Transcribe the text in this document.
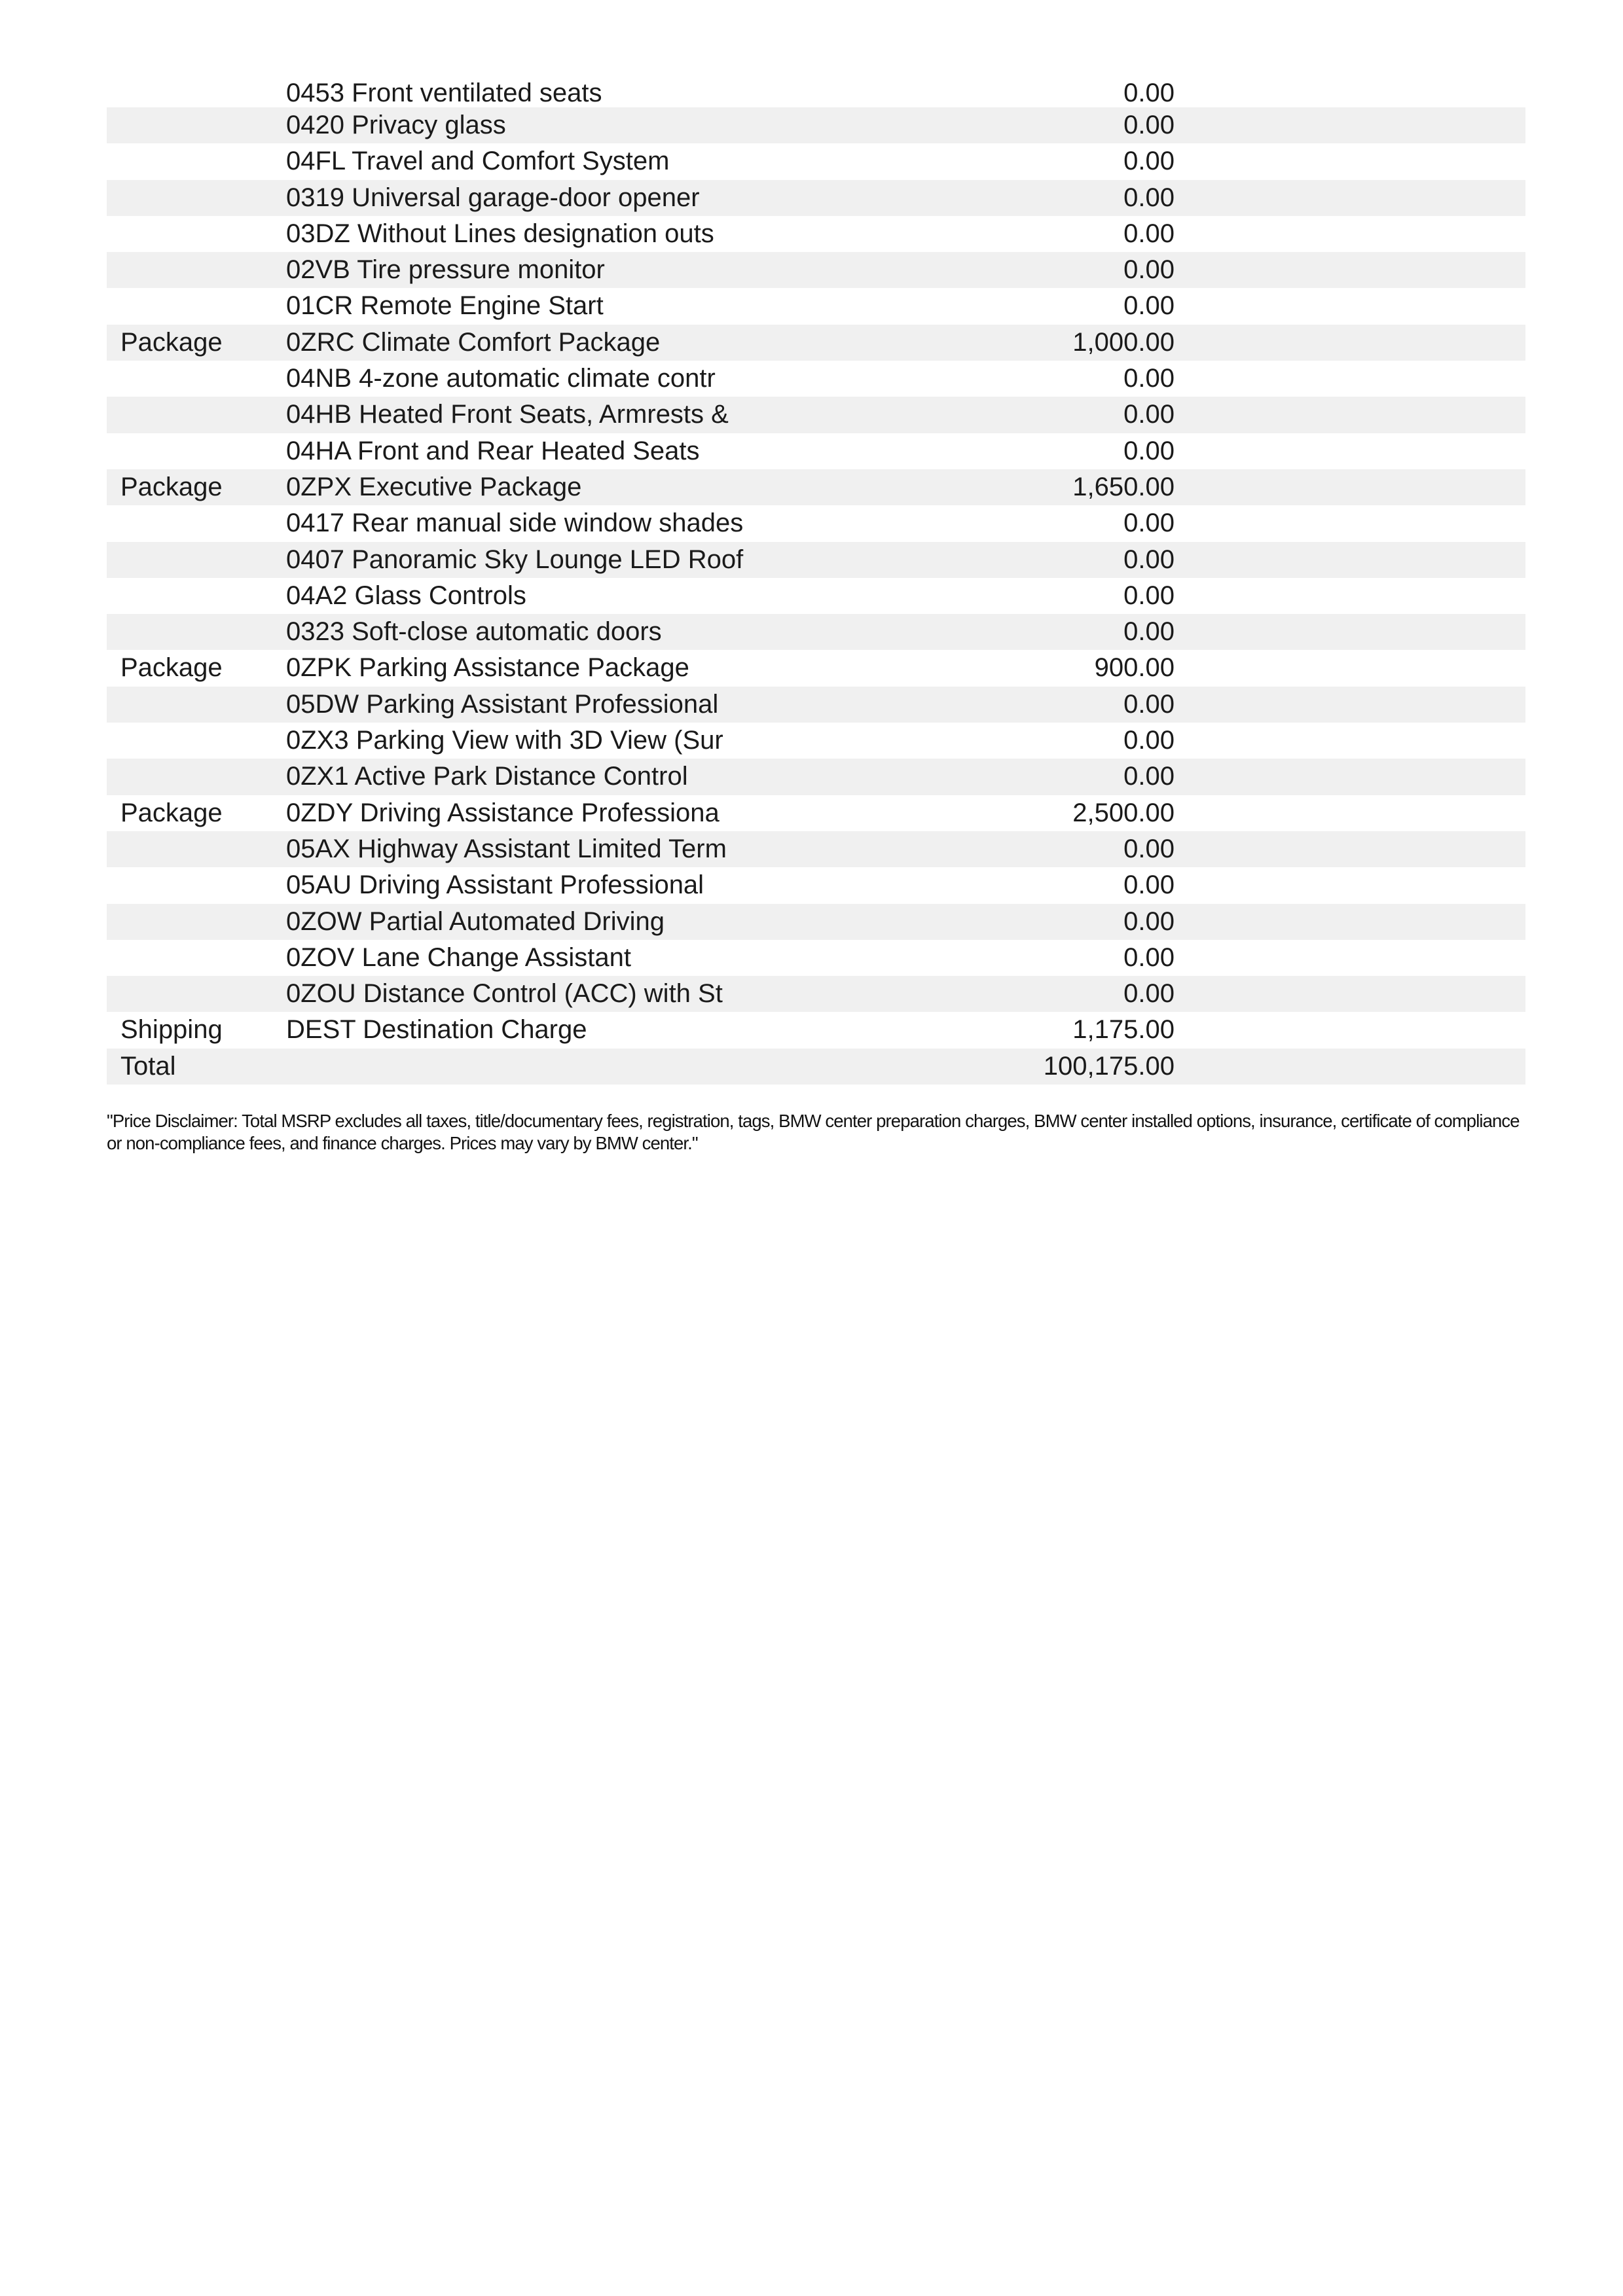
0453 Front ventilated seats	0.00
0420 Privacy glass	0.00
04FL Travel and Comfort System	0.00
0319 Universal garage-door opener	0.00
03DZ Without Lines designation outs	0.00
02VB Tire pressure monitor	0.00
01CR Remote Engine Start	0.00
Package 0ZRC Climate Comfort Package	1,000.00
04NB 4-zone automatic climate contr	0.00
04HB Heated Front Seats, Armrests &	0.00
04HA Front and Rear Heated Seats	0.00
Package 0ZPX Executive Package	1,650.00
0417 Rear manual side window shades	0.00
0407 Panoramic Sky Lounge LED Roof	0.00
04A2 Glass Controls	0.00
0323 Soft-close automatic doors	0.00
Package 0ZPK Parking Assistance Package	900.00
05DW Parking Assistant Professional	0.00
0ZX3 Parking View with 3D View (Sur	0.00
0ZX1 Active Park Distance Control	0.00
Package 0ZDY Driving Assistance Professiona	2,500.00
05AX Highway Assistant Limited Term	0.00
05AU Driving Assistant Professional	0.00
0ZOW Partial Automated Driving	0.00
0ZOV Lane Change Assistant	0.00
0ZOU Distance Control (ACC) with St	0.00
Shipping DEST Destination Charge	1,175.00
Total	100,175.00
"Price Disclaimer: Total MSRP excludes all taxes, title/documentary fees, registration, tags, BMW center preparation charges, BMW center installed options, insurance, certificate of compliance or non-compliance fees, and finance charges. Prices may vary by BMW center."
